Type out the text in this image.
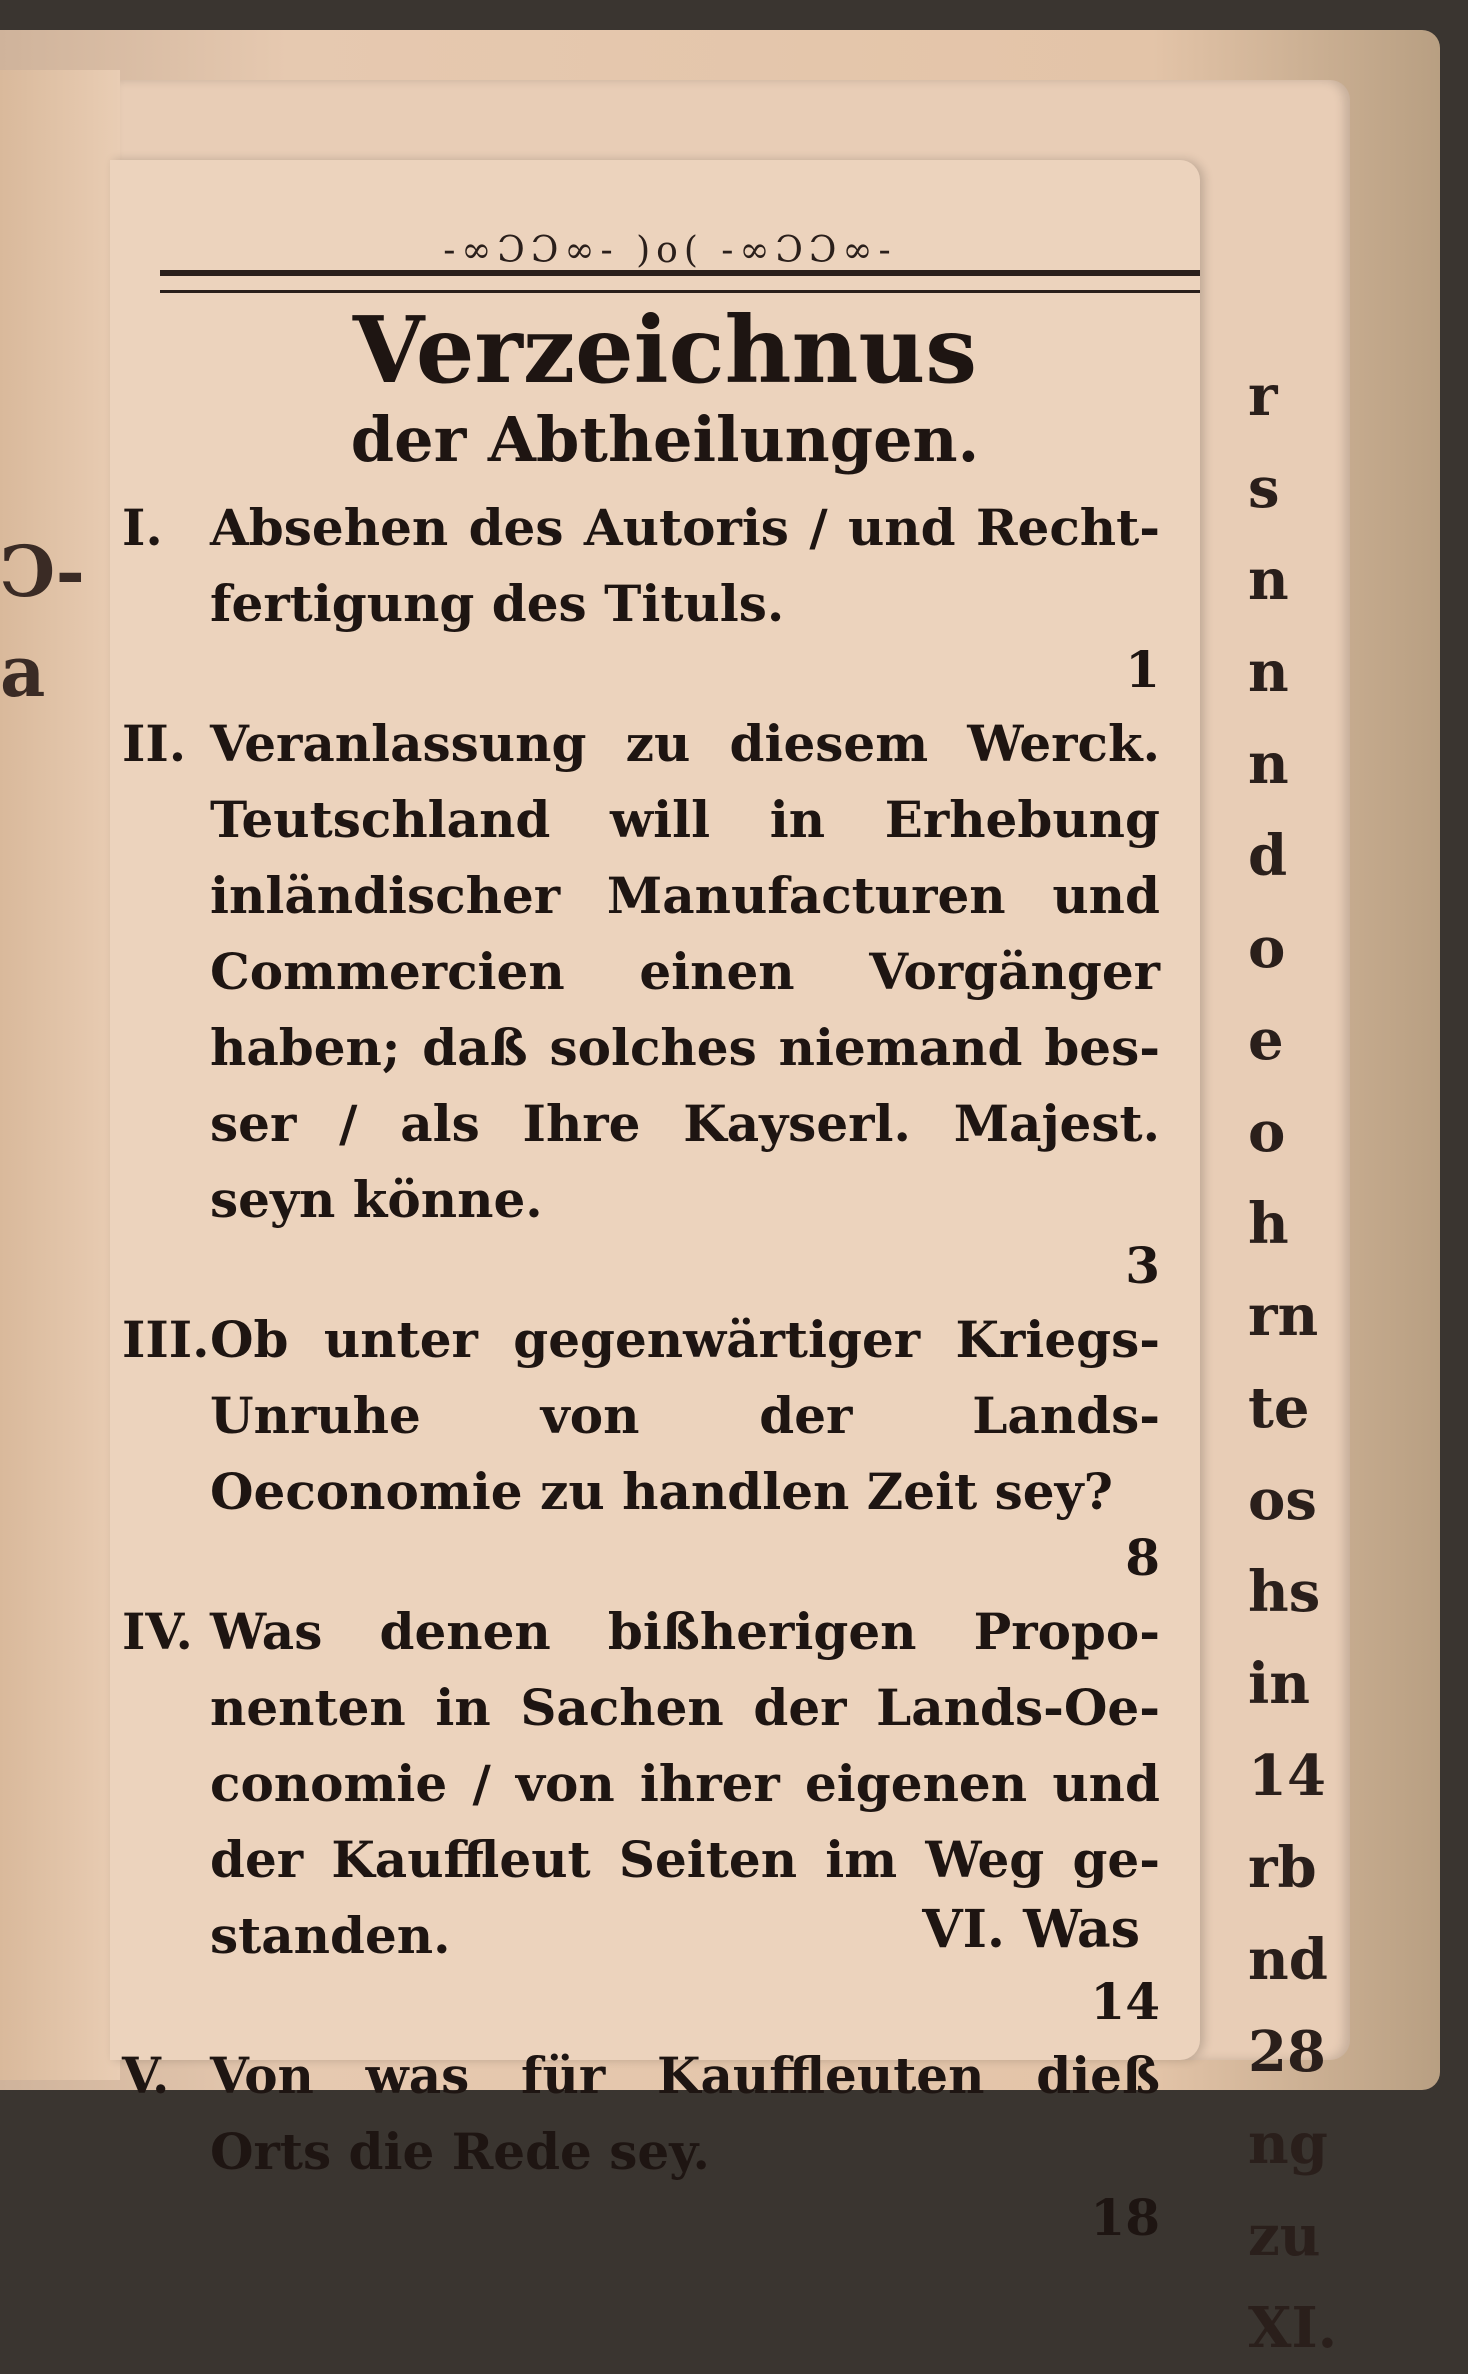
Ↄ-
a
r
s
n
n
n
d
o
e
o
h
rn
te
os
hs
in
14
rb
nd
28
ng
zu
XI.
-∞ƆƆ∞- )o( -∞ƆƆ∞-
Verzeichnus
der Abtheilungen.
I. Absehen des Autoris / und Recht- fertigung des Tituls.
1
II. Veranlassung zu diesem Werck. Teutschland will in Erhebung inländischer Manufacturen und Commercien einen Vorgänger haben; daß solches niemand bes- ser / als Ihre Kayserl. Majest. seyn könne.
3
III. Ob unter gegenwärtiger Kriegs-Unruhe von der Lands- Oeconomie zu handlen Zeit sey?
8
IV. Was denen bißherigen Propo- nenten in Sachen der Lands-Oe- conomie / von ihrer eigenen und der Kauffleut Seiten im Weg ge- standen.
14
V. Von was für Kauffleuten dieß Orts die Rede sey.
18
VI. Was
